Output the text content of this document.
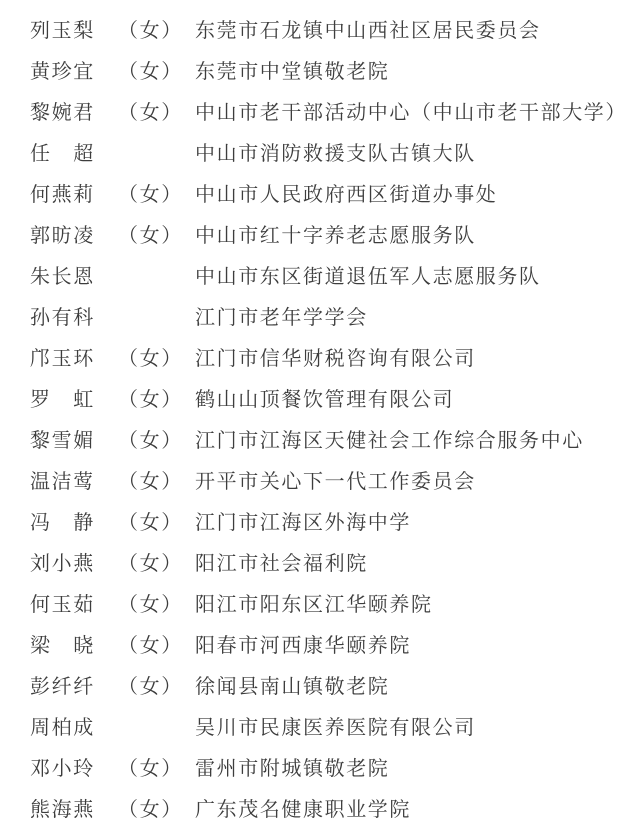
列玉梨	（女） 东莞市石龙镇中山西社区居民委员会
黄珍宜	（女） 东莞市中堂镇敬老院
黎婉君	（女） 中山市老干部活动中心（中山市老干部大学）
任　超	中山市消防救援支队古镇大队
何燕莉	（女） 中山市人民政府西区街道办事处
郭昉凌	（女） 中山市红十字养老志愿服务队
朱长恩	中山市东区街道退伍军人志愿服务队
孙有科	江门市老年学学会
邝玉环	（女） 江门市信华财税咨询有限公司
罗　虹	（女） 鹤山山顶餐饮管理有限公司
黎雪媚	（女） 江门市江海区天健社会工作综合服务中心
温洁莺	（女） 开平市关心下一代工作委员会
冯　静	（女） 江门市江海区外海中学
刘小燕	（女） 阳江市社会福利院
何玉茹	（女） 阳江市阳东区江华颐养院
梁　晓	（女） 阳春市河西康华颐养院
彭纤纤	（女） 徐闻县南山镇敬老院
周柏成	吴川市民康医养医院有限公司
邓小玲	（女） 雷州市附城镇敬老院
熊海燕	（女） 广东茂名健康职业学院
